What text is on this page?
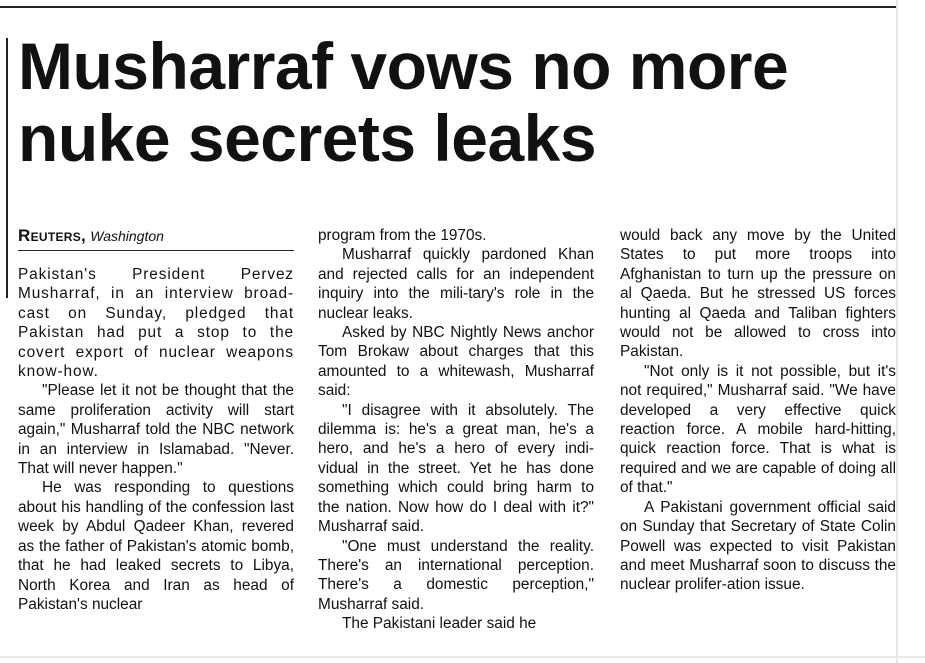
Musharraf vows no more nuke secrets leaks
Reuters, Washington

Pakistan's President Pervez Musharraf, in an interview broad-cast on Sunday, pledged that Pakistan had put a stop to the covert export of nuclear weapons know-how.

"Please let it not be thought that the same proliferation activity will start again," Musharraf told the NBC network in an interview in Islamabad. "Never. That will never happen."

He was responding to questions about his handling of the confession last week by Abdul Qadeer Khan, revered as the father of Pakistan's atomic bomb, that he had leaked secrets to Libya, North Korea and Iran as head of Pakistan's nuclear

program from the 1970s.

Musharraf quickly pardoned Khan and rejected calls for an independent inquiry into the mili-tary's role in the nuclear leaks.

Asked by NBC Nightly News anchor Tom Brokaw about charges that this amounted to a whitewash, Musharraf said:

"I disagree with it absolutely. The dilemma is: he's a great man, he's a hero, and he's a hero of every indi-vidual in the street. Yet he has done something which could bring harm to the nation. Now how do I deal with it?" Musharraf said.

"One must understand the reality. There's an international perception. There's a domestic perception," Musharraf said.

The Pakistani leader said he

would back any move by the United States to put more troops into Afghanistan to turn up the pressure on al Qaeda. But he stressed US forces hunting al Qaeda and Taliban fighters would not be allowed to cross into Pakistan.

"Not only is it not possible, but it's not required," Musharraf said. "We have developed a very effective quick reaction force. A mobile hard-hitting, quick reaction force. That is what is required and we are capable of doing all of that."

A Pakistani government official said on Sunday that Secretary of State Colin Powell was expected to visit Pakistan and meet Musharraf soon to discuss the nuclear prolifer-ation issue.
